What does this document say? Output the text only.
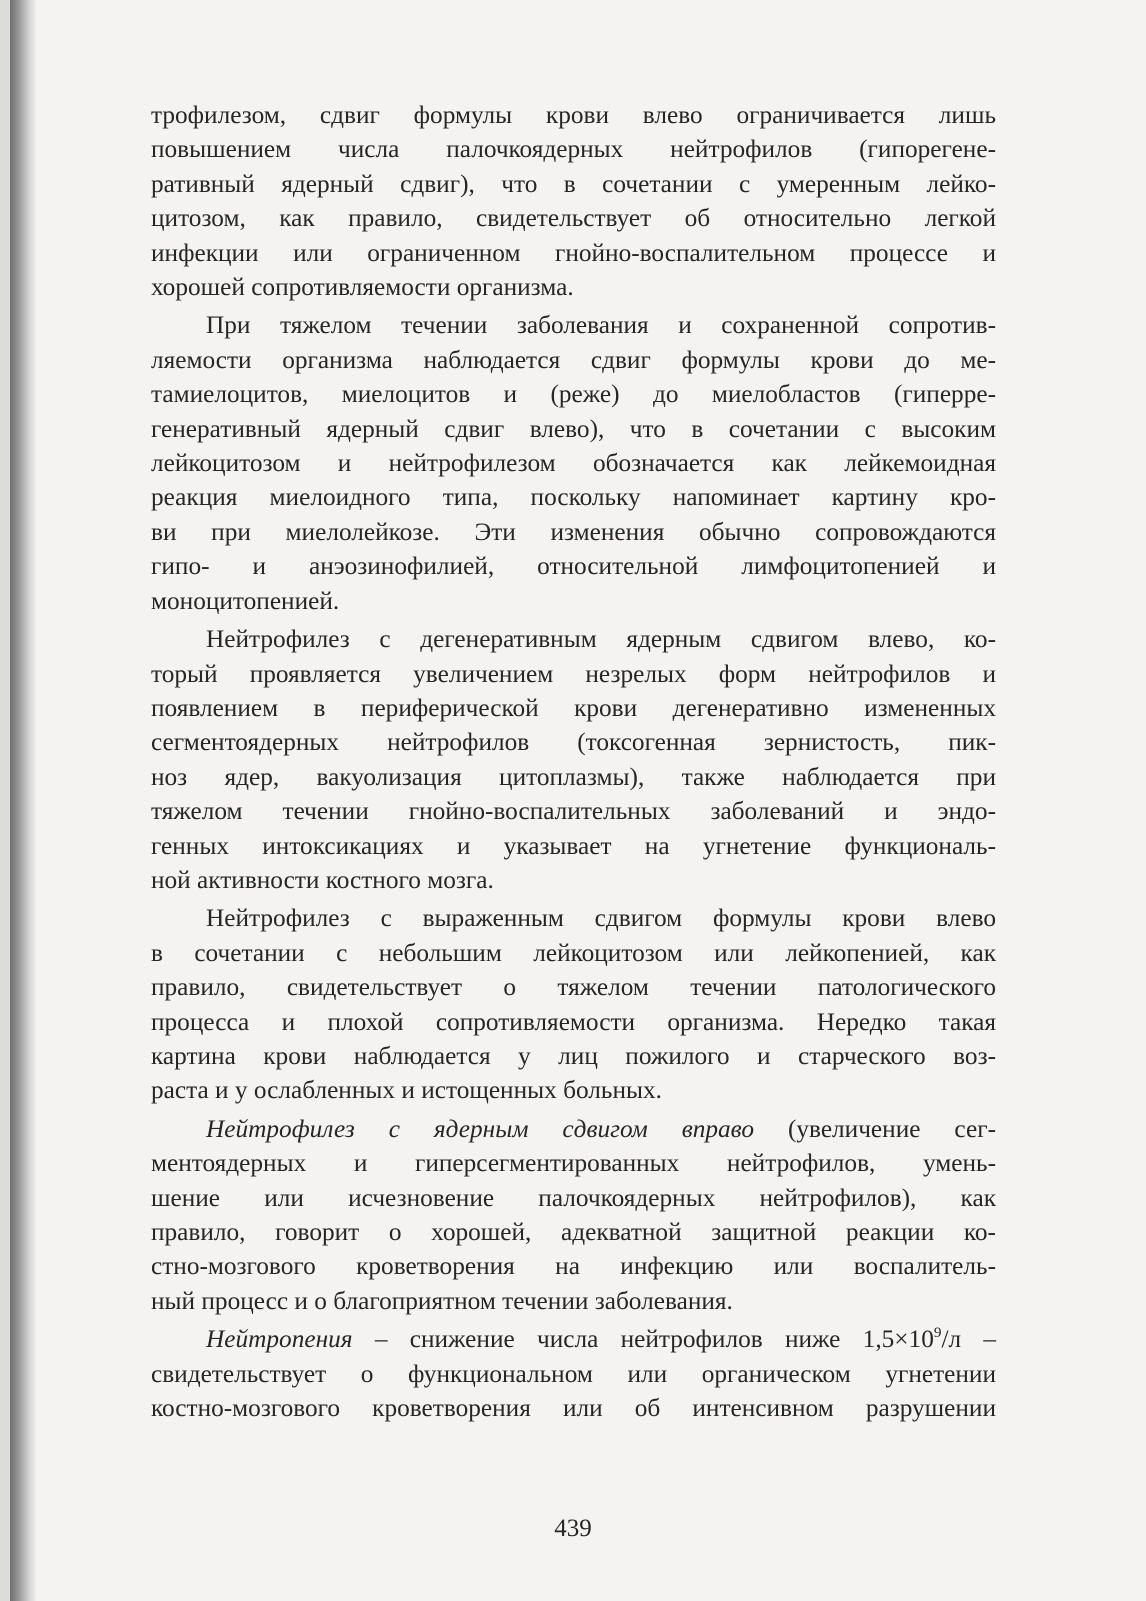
трофилезом, сдвиг формулы крови влево ограничивается лишь
повышением числа палочкоядерных нейтрофилов (гипорегене-
ративный ядерный сдвиг), что в сочетании с умеренным лейко-
цитозом, как правило, свидетельствует об относительно легкой
инфекции или ограниченном гнойно-воспалительном процессе и
хорошей сопротивляемости организма.

При тяжелом течении заболевания и сохраненной сопротив-
ляемости организма наблюдается сдвиг формулы крови до ме-
тамиелоцитов, миелоцитов и (реже) до миелобластов (гиперре-
генеративный ядерный сдвиг влево), что в сочетании с высоким
лейкоцитозом и нейтрофилезом обозначается как лейкемоидная
реакция миелоидного типа, поскольку напоминает картину кро-
ви при миелолейкозе. Эти изменения обычно сопровождаются
гипо- и анэозинофилией, относительной лимфоцитопенией и
моноцитопенией.

Нейтрофилез с дегенеративным ядерным сдвигом влево, ко-
торый проявляется увеличением незрелых форм нейтрофилов и
появлением в периферической крови дегенеративно измененных
сегментоядерных нейтрофилов (токсогенная зернистость, пик-
ноз ядер, вакуолизация цитоплазмы), также наблюдается при
тяжелом течении гнойно-воспалительных заболеваний и эндо-
генных интоксикациях и указывает на угнетение функциональ-
ной активности костного мозга.

Нейтрофилез с выраженным сдвигом формулы крови влево
в сочетании с небольшим лейкоцитозом или лейкопенией, как
правило, свидетельствует о тяжелом течении патологического
процесса и плохой сопротивляемости организма. Нередко такая
картина крови наблюдается у лиц пожилого и старческого воз-
раста и у ослабленных и истощенных больных.

Нейтрофилез с ядерным сдвигом вправо (увеличение сег-
ментоядерных и гиперсегментированных нейтрофилов, умень-
шение или исчезновение палочкоядерных нейтрофилов), как
правило, говорит о хорошей, адекватной защитной реакции ко-
стно-мозгового кроветворения на инфекцию или воспалитель-
ный процесс и о благоприятном течении заболевания.

Нейтропения – снижение числа нейтрофилов ниже $1,5\times 10^9/л$ –
свидетельствует о функциональном или органическом угнетении
костно-мозгового кроветворения или об интенсивном разрушении

439
